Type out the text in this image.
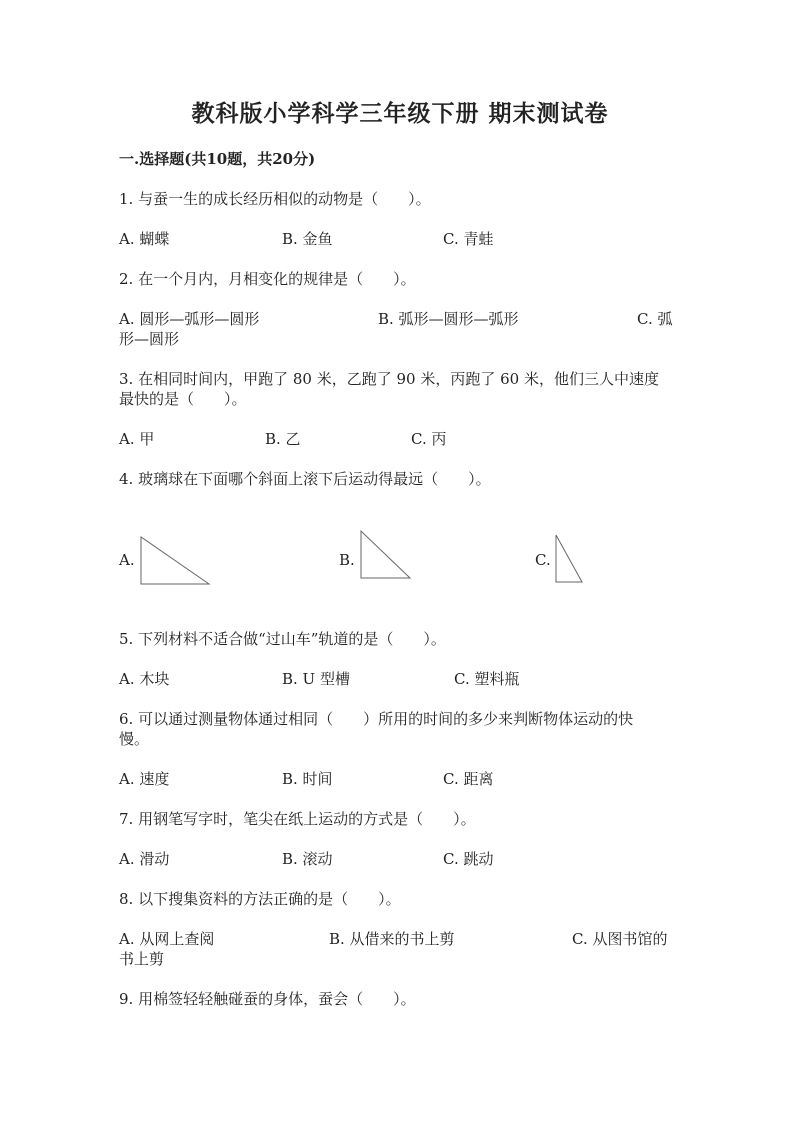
教科版小学科学三年级下册 期末测试卷
一.选择题(共10题，共20分)
1. 与蚕一生的成长经历相似的动物是（　　）。
A. 蝴蝶	B. 金鱼	C. 青蛙
2. 在一个月内，月相变化的规律是（　　）。
A. 圆形—弧形—圆形	B. 弧形—圆形—弧形	C. 弧
形—圆形
3. 在相同时间内，甲跑了 80 米，乙跑了 90 米，丙跑了 60 米，他们三人中速度
最快的是（　　）。
A. 甲	B. 乙	C. 丙
4. 玻璃球在下面哪个斜面上滚下后运动得最远（　　）。
A.	B.	C.
5. 下列材料不适合做“过山车”轨道的是（　　）。
A. 木块	B. U 型槽	C. 塑料瓶
6. 可以通过测量物体通过相同（　　）所用的时间的多少来判断物体运动的快
慢。
A. 速度	B. 时间	C. 距离
7. 用钢笔写字时，笔尖在纸上运动的方式是（　　）。
A. 滑动	B. 滚动	C. 跳动
8. 以下搜集资料的方法正确的是（　　）。
A. 从网上查阅	B. 从借来的书上剪	C. 从图书馆的
书上剪
9. 用棉签轻轻触碰蚕的身体，蚕会（　　）。
